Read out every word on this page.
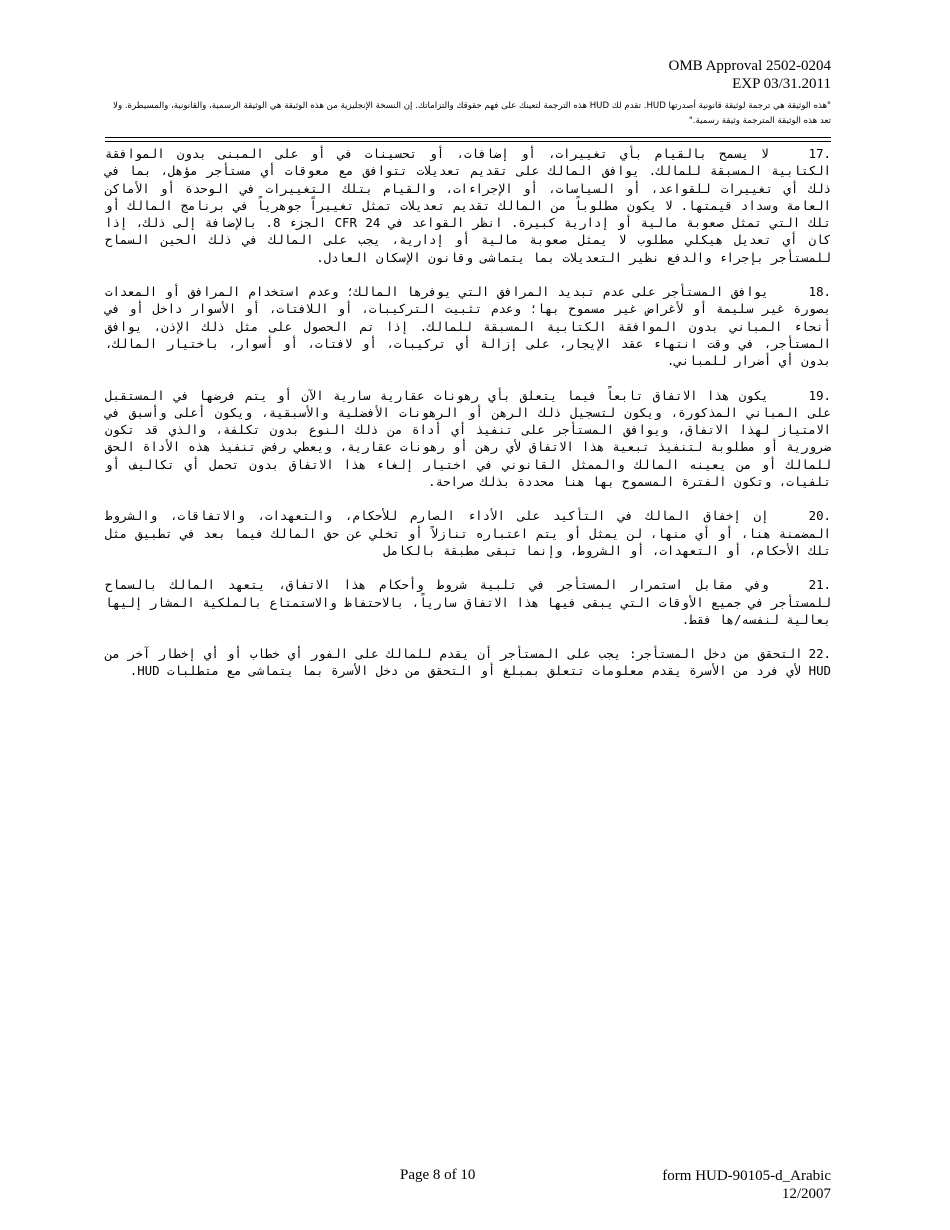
OMB Approval 2502-0204
EXP 03/31.2011
"هذه الوثيقة هي ترجمة لوثيقة قانونية أصدرتها HUD. تقدم لك HUD هذه الترجمة لتعينك على فهم حقوقك والتزاماتك. إن النسخة الإنجليزية من هذه الوثيقة هي الوثيقة الرسمية، والقانونية، والمسيطرة. ولا تعد هذه الوثيقة المترجمة وثيقة رسمية."

17.لا يسمح بالقيام بأي تغييرات، أو إضافات، أو تحسينات في أو على المبنى بدون الموافقة الكتابية المسبقة للمالك. يوافق المالك على تقديم تعديلات تتوافق مع معوقات أي مستأجر مؤهل، بما في ذلك أي تغييرات للقواعد، أو السياسات، أو الإجراءات، والقيام بتلك التغييرات في الوحدة أو الأماكن العامة وسداد قيمتها. لا يكون مطلوباً من المالك تقديم تعديلات تمثل تغييراً جوهرياً في برنامج المالك أو تلك التي تمثل صعوبة مالية أو إدارية كبيرة. انظر القواعد في CFR 24 الجزء 8. بالإضافة إلى ذلك، إذا كان أي تعديل هيكلي مطلوب لا يمثل صعوبة مالية أو إدارية، يجب على المالك في ذلك الحين السماح للمستأجر بإجراء والدفع نظير التعديلات بما يتماشى وقانون الإسكان العادل.

18.يوافق المستأجر على عدم تبديد المرافق التي يوفرها المالك؛ وعدم استخدام المرافق أو المعدات بصورة غير سليمة أو لأغراض غير مسموح بها؛ وعدم تثبيت التركيبات، أو اللافتات، أو الأسوار داخل أو في أنحاء المباني بدون الموافقة الكتابية المسبقة للمالك. إذا تم الحصول على مثل ذلك الإذن، يوافق المستأجر، في وقت انتهاء عقد الإيجار، على إزالة أي تركيبات، أو لافتات، أو أسوار، باختيار المالك، بدون أي أضرار للمباني.

19.يكون هذا الاتفاق تابعاً فيما يتعلق بأي رهونات عقارية سارية الآن أو يتم فرضها في المستقبل على المباني المذكورة، ويكون لتسجيل ذلك الرهن أو الرهونات الأفضلية والأسبقية، ويكون أعلى وأسبق في الامتياز لهذا الاتفاق، ويوافق المستأجر على تنفيذ أي أداة من ذلك النوع بدون تكلفة، والذي قد تكون ضرورية أو مطلوبة لتنفيذ تبعية هذا الاتفاق لأي رهن أو رهونات عقارية، ويعطي رفض تنفيذ هذه الأداة الحق للمالك أو من يعينه المالك والممثل القانوني في اختيار إلغاء هذا الاتفاق بدون تحمل أي تكاليف أو تلفيات، وتكون الفترة المسموح بها هنا محددة بذلك صراحة.

20.إن إخفاق المالك في التأكيد على الأداء الصارم للأحكام، والتعهدات، والاتفاقات، والشروط المضمنة هنا، أو أي منها، لن يمثل أو يتم اعتباره تنازلاً أو تخلي عن حق المالك فيما بعد في تطبيق مثل تلك الأحكام، أو التعهدات، أو الشروط، وإنما تبقى مطبقة بالكامل

21.وفي مقابل استمرار المستأجر في تلبية شروط وأحكام هذا الاتفاق، يتعهد المالك بالسماح للمستأجر في جميع الأوقات التي يبقى فيها هذا الاتفاق سارياً، بالاحتفاظ والاستمتاع بالملكية المشار إليها بعالية لنفسه/ها فقط.

22.التحقق من دخل المستأجر: يجب على المستأجر أن يقدم للمالك على الفور أي خطاب أو أي إخطار آخر من HUD لأي فرد من الأسرة يقدم معلومات تتعلق بمبلغ أو التحقق من دخل الأسرة بما يتماشى مع متطلبات HUD.

Page 8 of 10	form HUD-90105-d_Arabic
12/2007
